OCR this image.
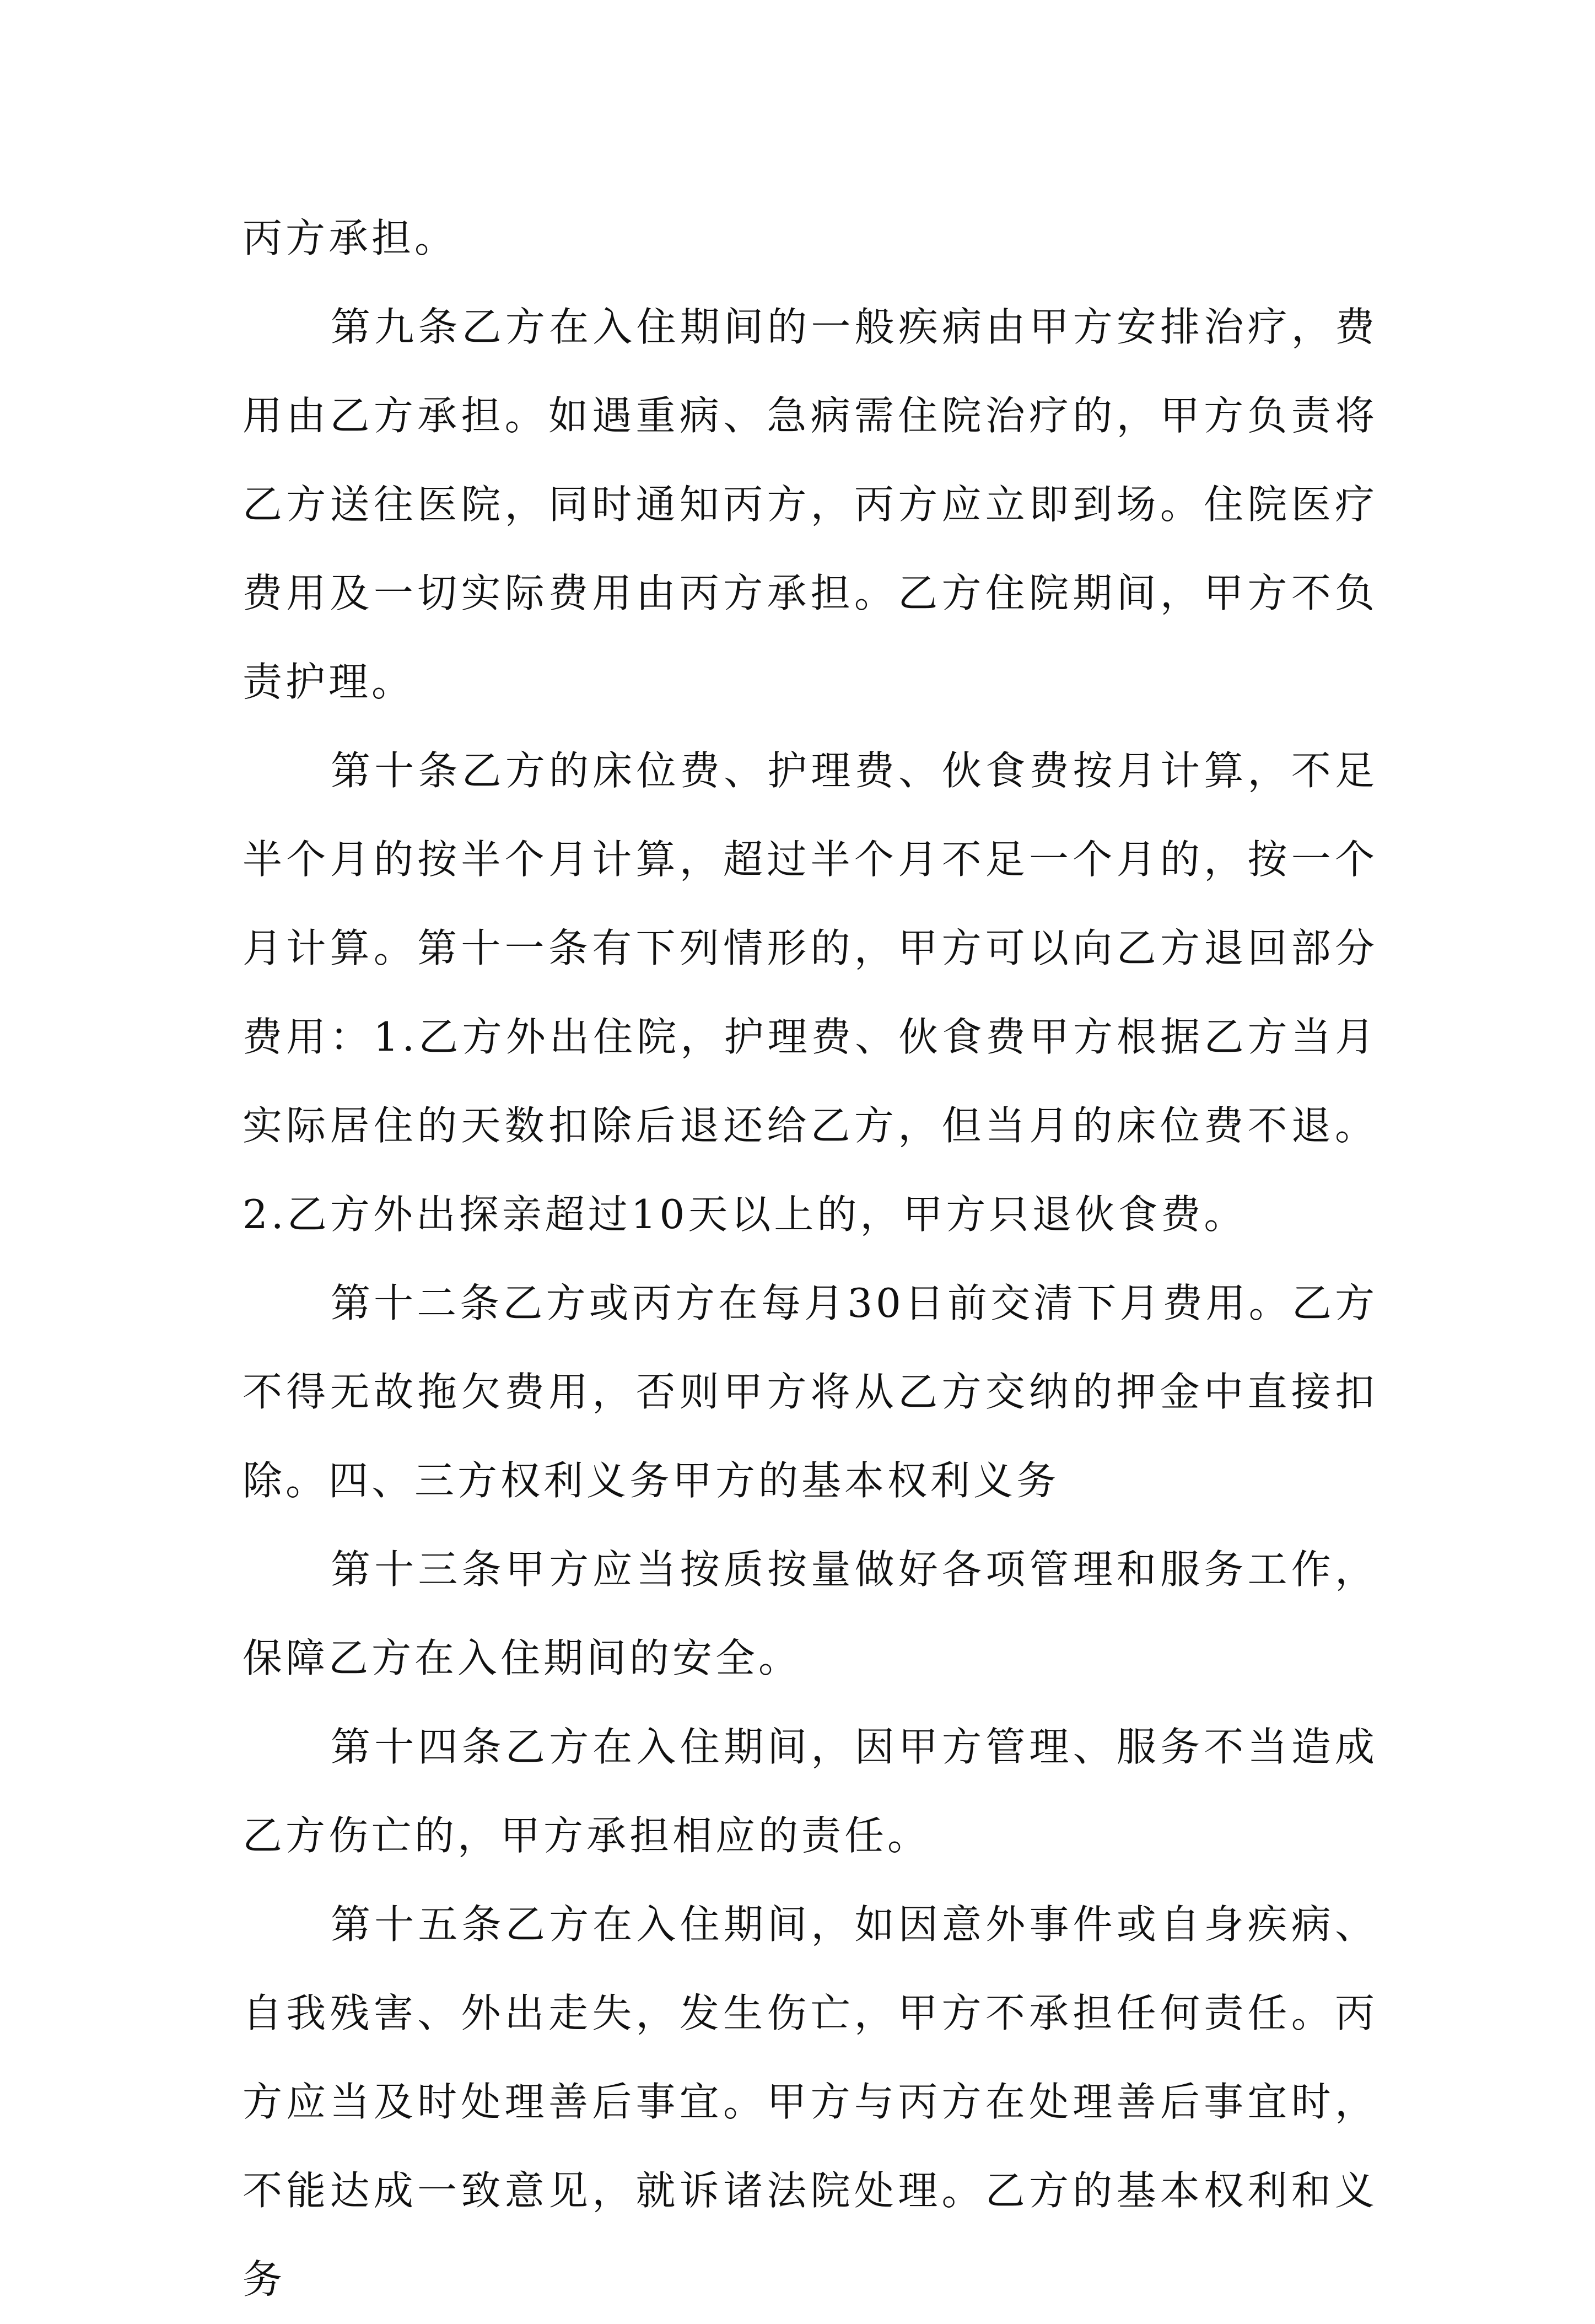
丙方承担。

第九条乙方在入住期间的一般疾病由甲方安排治疗，费用由乙方承担。如遇重病、急病需住院治疗的，甲方负责将乙方送往医院，同时通知丙方，丙方应立即到场。住院医疗费用及一切实际费用由丙方承担。乙方住院期间，甲方不负责护理。

第十条乙方的床位费、护理费、伙食费按月计算，不足半个月的按半个月计算，超过半个月不足一个月的，按一个月计算。第十一条有下列情形的，甲方可以向乙方退回部分费用：1.乙方外出住院，护理费、伙食费甲方根据乙方当月实际居住的天数扣除后退还给乙方，但当月的床位费不退。2.乙方外出探亲超过10天以上的，甲方只退伙食费。

第十二条乙方或丙方在每月30日前交清下月费用。乙方不得无故拖欠费用，否则甲方将从乙方交纳的押金中直接扣除。四、三方权利义务甲方的基本权利义务

第十三条甲方应当按质按量做好各项管理和服务工作，保障乙方在入住期间的安全。

第十四条乙方在入住期间，因甲方管理、服务不当造成乙方伤亡的，甲方承担相应的责任。

第十五条乙方在入住期间，如因意外事件或自身疾病、自我残害、外出走失，发生伤亡，甲方不承担任何责任。丙方应当及时处理善后事宜。甲方与丙方在处理善后事宜时，不能达成一致意见，就诉诸法院处理。乙方的基本权利和义务
